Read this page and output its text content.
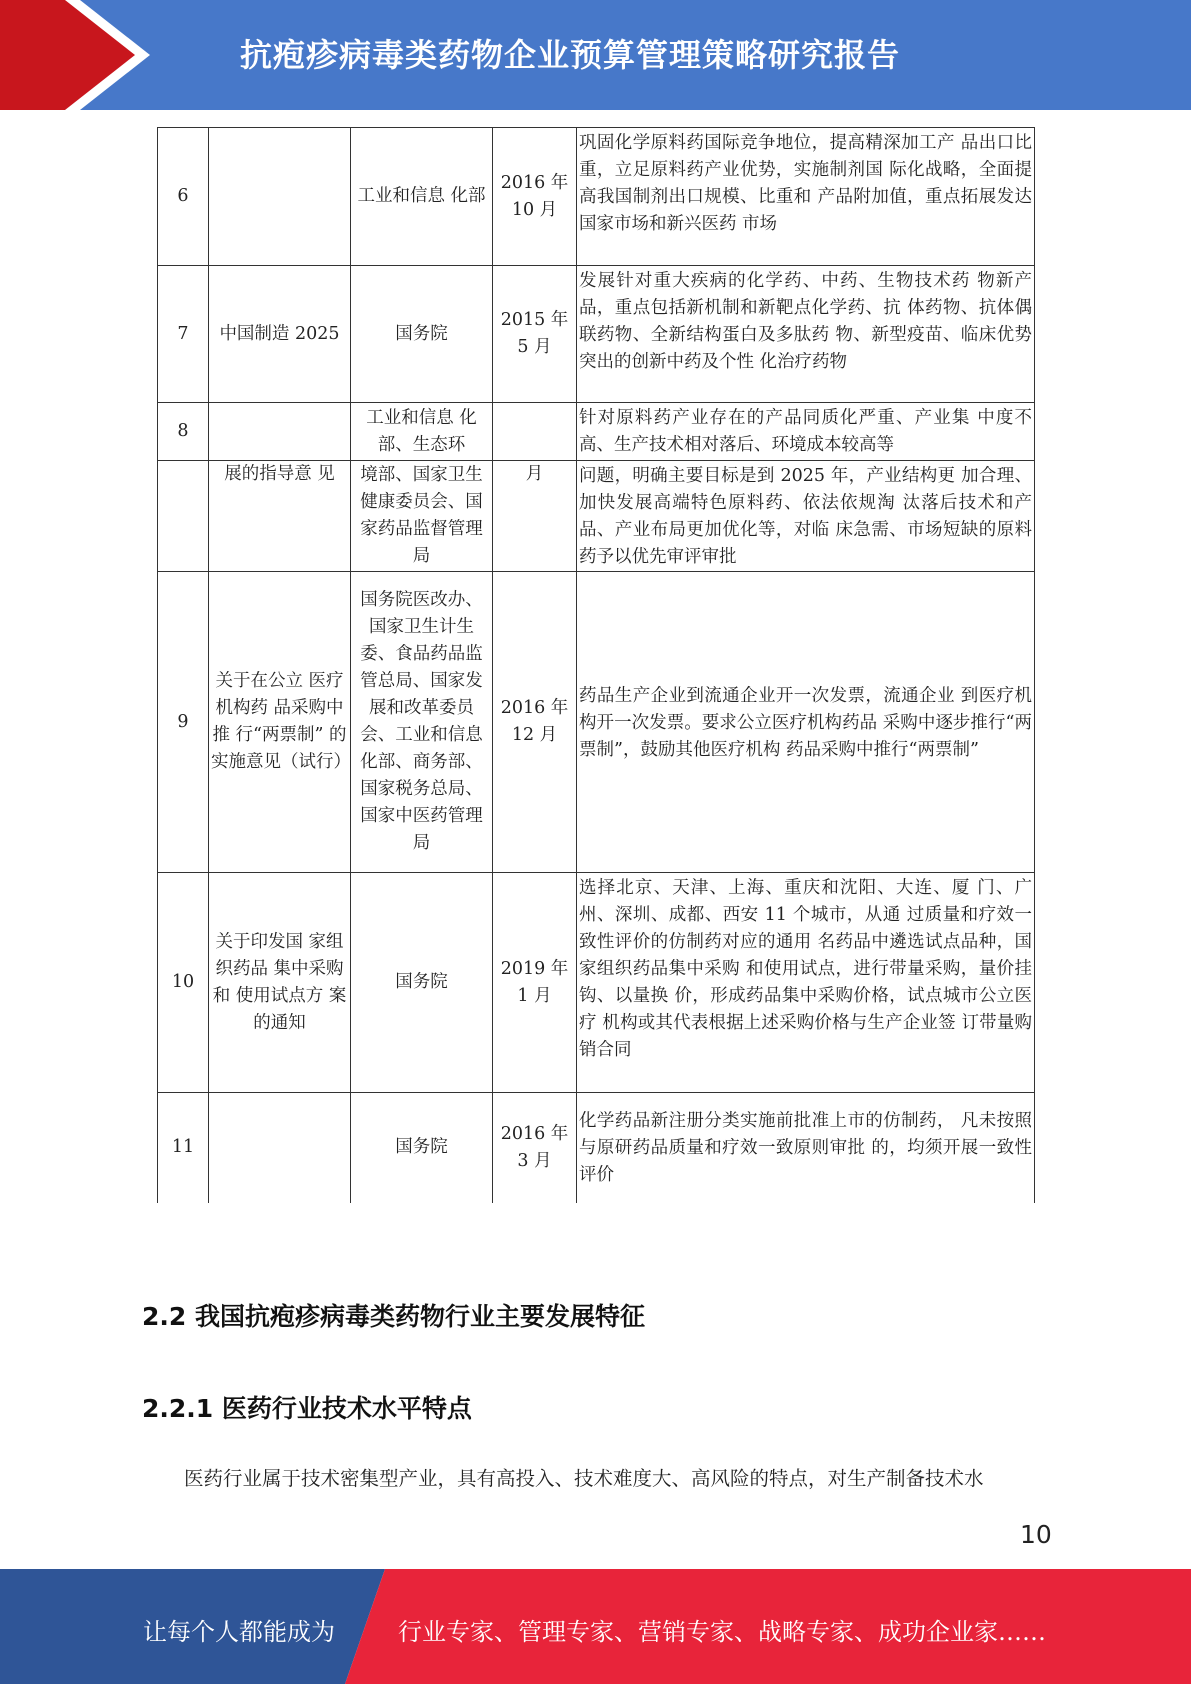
抗疱疹病毒类药物企业预算管理策略研究报告
6		工业和信息 化部	2016 年 10 月	巩固化学原料药国际竞争地位，提高精深加工产 品出口比重，立足原料药产业优势，实施制剂国 际化战略，全面提高我国制剂出口规模、比重和 产品附加值，重点拓展发达国家市场和新兴医药 市场
7	中国制造 2025	国务院	2015 年 5 月	发展针对重大疾病的化学药、中药、生物技术药 物新产品，重点包括新机制和新靶点化学药、抗 体药物、抗体偶联药物、全新结构蛋白及多肽药 物、新型疫苗、临床优势突出的创新中药及个性 化治疗药物
8		工业和信息 化部、生态环		针对原料药产业存在的产品同质化严重、产业集 中度不高、生产技术相对落后、环境成本较高等
	展的指导意 见	境部、国家卫生健康委员会、国家药品监督管理局	月	问题，明确主要目标是到 2025 年，产业结构更 加合理、加快发展高端特色原料药、依法依规淘 汰落后技术和产品、产业布局更加优化等，对临 床急需、市场短缺的原料药予以优先审评审批
9	关于在公立 医疗机构药 品采购中推 行“两票制” 的实施意见（试行）	国务院医改办、国家卫生计生委、食品药品监管总局、国家发展和改革委员会、工业和信息化部、商务部、国家税务总局、国家中医药管理局	2016 年 12 月	药品生产企业到流通企业开一次发票，流通企业 到医疗机构开一次发票。要求公立医疗机构药品 采购中逐步推行“两票制”，鼓励其他医疗机构 药品采购中推行“两票制”
10	关于印发国 家组织药品 集中采购和 使用试点方 案的通知	国务院	2019 年 1 月	选择北京、天津、上海、重庆和沈阳、大连、厦 门、广州、深圳、成都、西安 11 个城市，从通 过质量和疗效一致性评价的仿制药对应的通用 名药品中遴选试点品种，国家组织药品集中采购 和使用试点，进行带量采购，量价挂钩、以量换 价，形成药品集中采购价格，试点城市公立医疗 机构或其代表根据上述采购价格与生产企业签 订带量购销合同
11		国务院	2016 年 3 月	化学药品新注册分类实施前批准上市的仿制药， 凡未按照与原研药品质量和疗效一致原则审批 的，均须开展一致性评价
2.2 我国抗疱疹病毒类药物行业主要发展特征
2.2.1 医药行业技术水平特点
医药行业属于技术密集型产业，具有高投入、技术难度大、高风险的特点，对生产制备技术水
10
让每个人都能成为	行业专家、管理专家、营销专家、战略专家、成功企业家……
